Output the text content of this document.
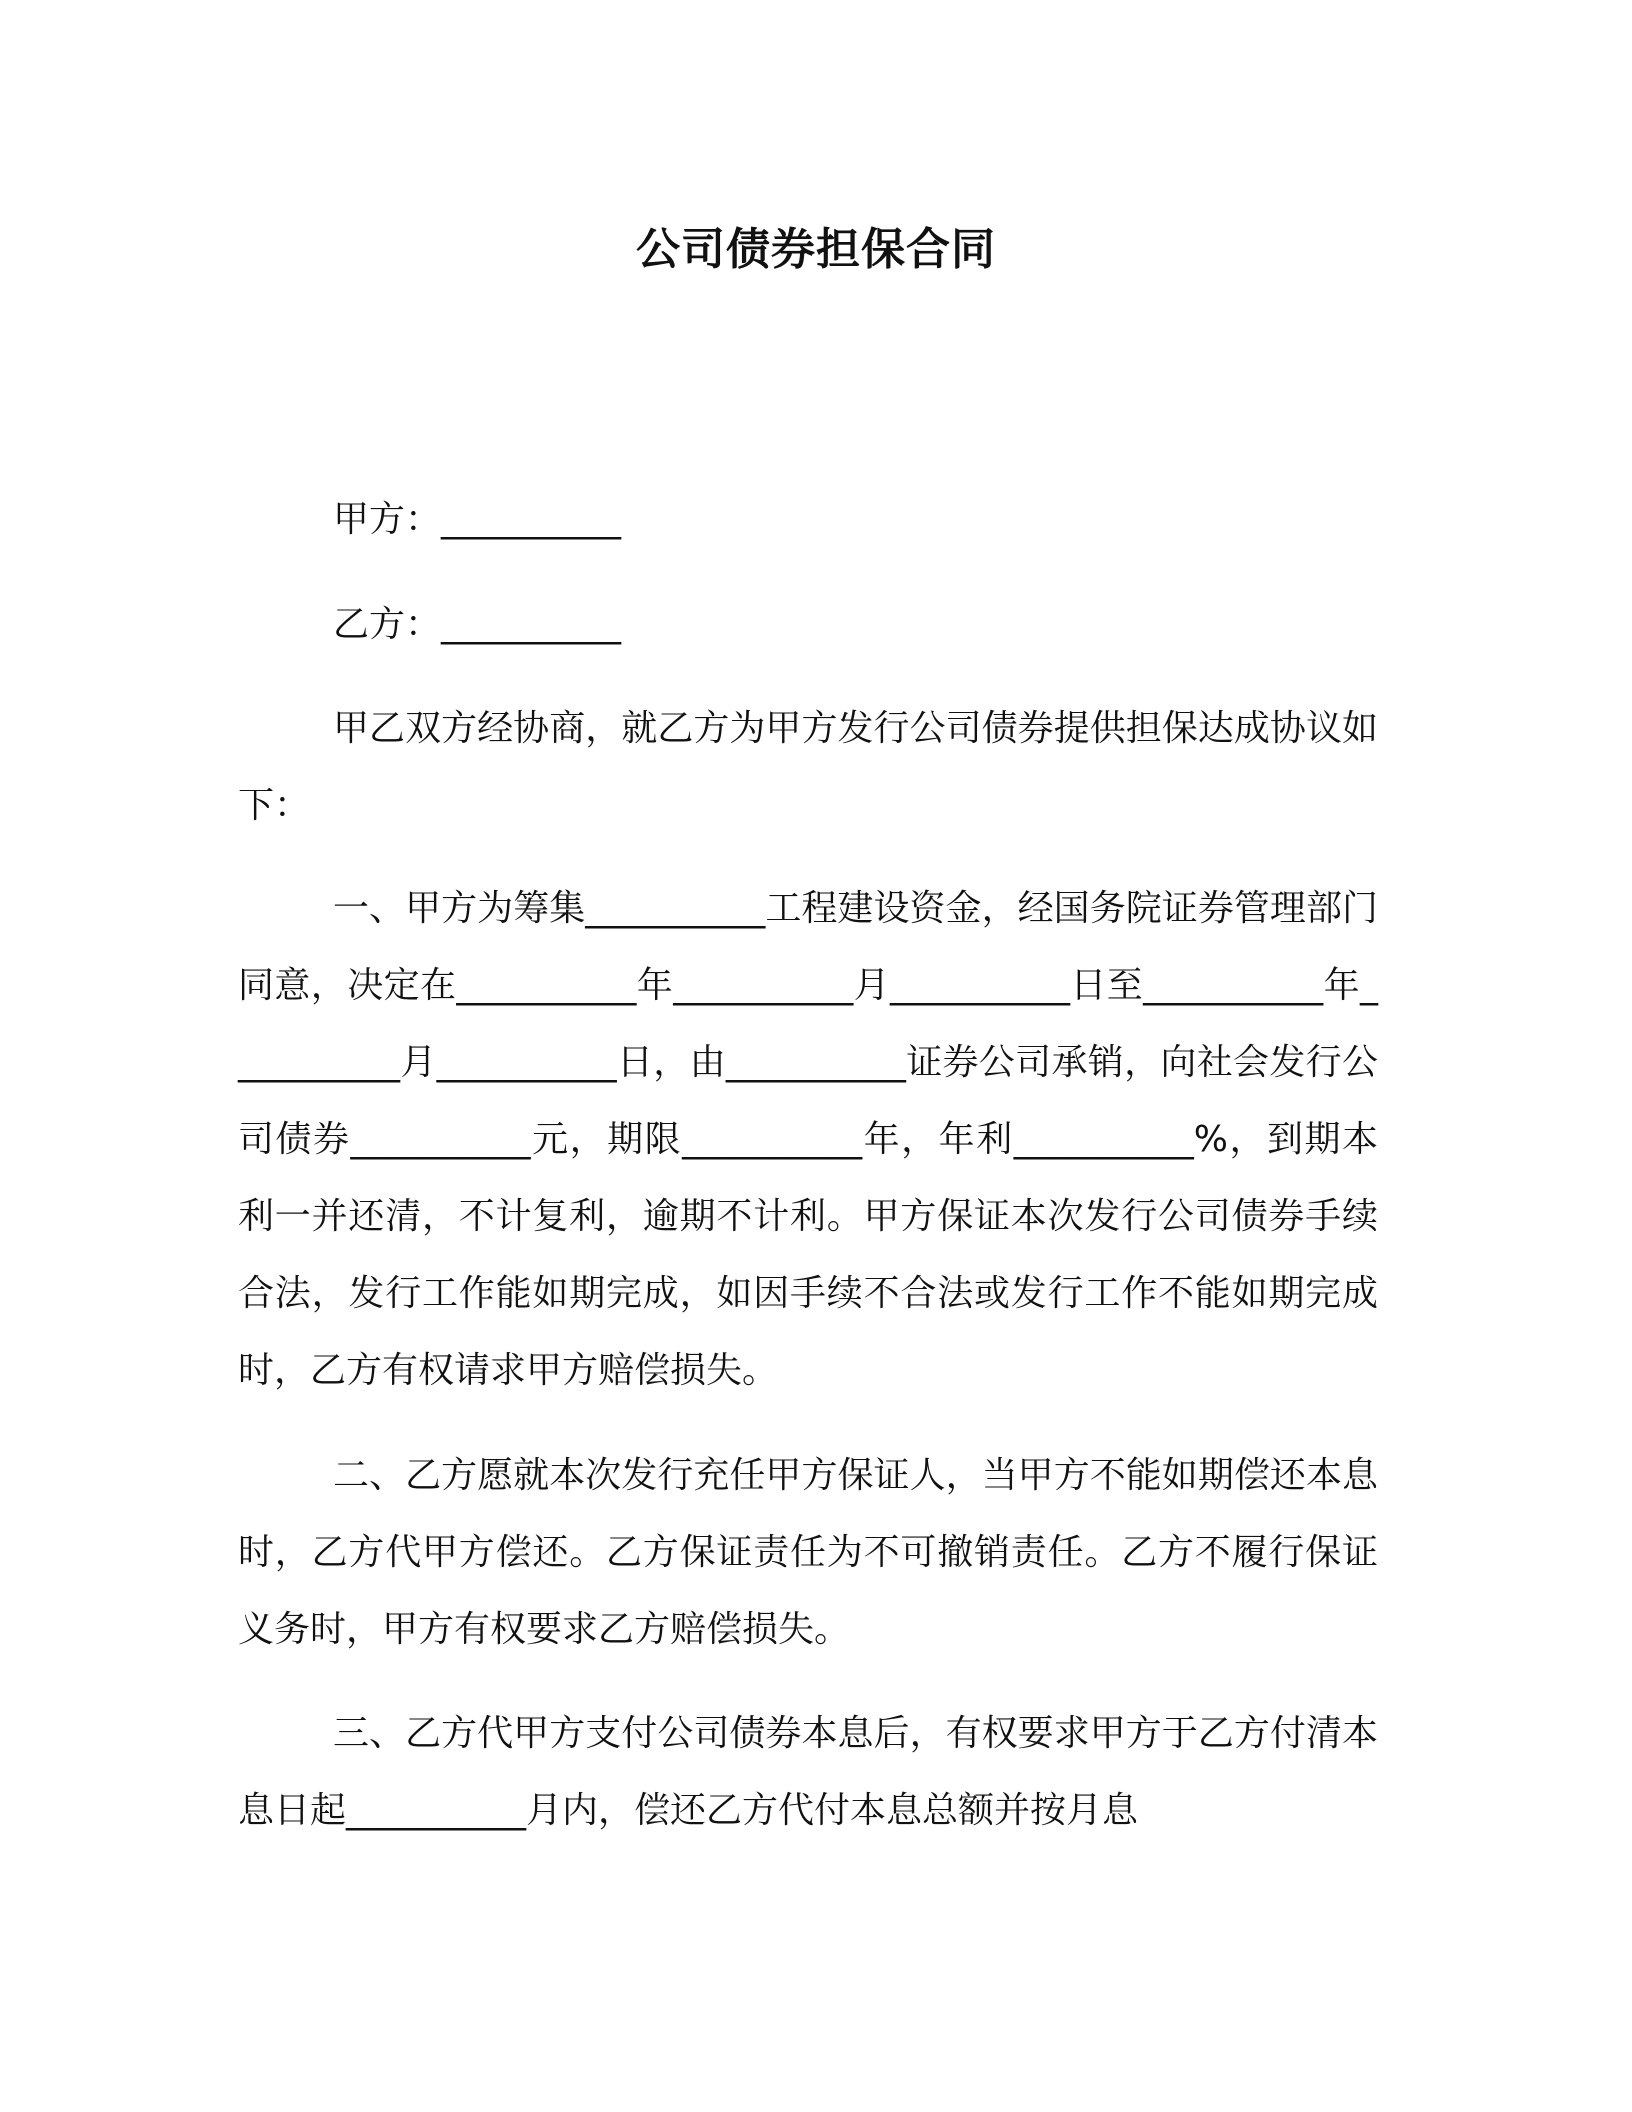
公司债券担保合同
甲方：__________
乙方：__________
甲乙双方经协商，就乙方为甲方发行公司债券提供担保达成协议如下：
一、甲方为筹集__________工程建设资金，经国务院证券管理部门同意，决定在__________年__________月__________日至__________年__________月__________日，由__________证券公司承销，向社会发行公司债券__________元，期限__________年，年利__________%，到期本利一并还清，不计复利，逾期不计利。甲方保证本次发行公司债券手续合法，发行工作能如期完成，如因手续不合法或发行工作不能如期完成时，乙方有权请求甲方赔偿损失。
二、乙方愿就本次发行充任甲方保证人，当甲方不能如期偿还本息时，乙方代甲方偿还。乙方保证责任为不可撤销责任。乙方不履行保证义务时，甲方有权要求乙方赔偿损失。
三、乙方代甲方支付公司债券本息后，有权要求甲方于乙方付清本息日起__________月内，偿还乙方代付本息总额并按月息
